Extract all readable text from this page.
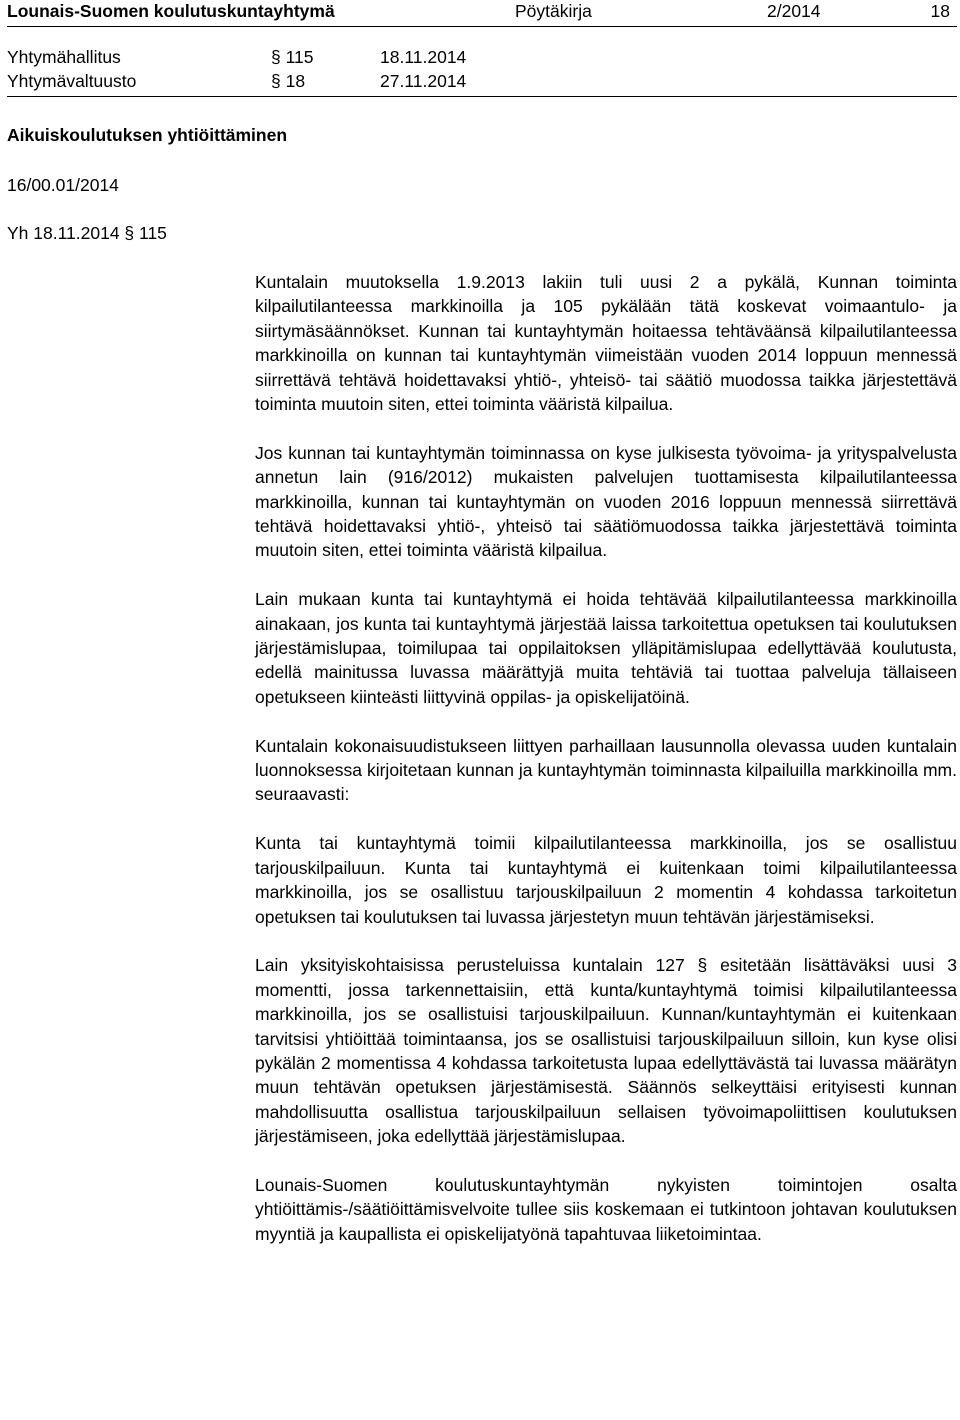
Lounais-Suomen koulutuskuntayhtymä	Pöytäkirja	2/2014	18
Yhtymähallitus	§ 115	18.11.2014
Yhtymävaltuusto	§ 18	27.11.2014
Aikuiskoulutuksen yhtiöittäminen
16/00.01/2014
Yh 18.11.2014 § 115

Kuntalain muutoksella 1.9.2013 lakiin tuli uusi 2 a pykälä, Kunnan toiminta kilpailutilanteessa markkinoilla ja 105 pykälään tätä koskevat voimaantulo- ja siirtymäsäännökset. Kunnan tai kuntayhtymän hoitaessa tehtäväänsä kilpailutilanteessa markkinoilla on kunnan tai kuntayhtymän viimeistään vuoden 2014 loppuun mennessä siirrettävä tehtävä hoidettavaksi yhtiö-, yhteisö- tai säätiö muodossa taikka järjestettävä toiminta muutoin siten, ettei toiminta vääristä kilpailua.

Jos kunnan tai kuntayhtymän toiminnassa on kyse julkisesta työvoima- ja yrityspalvelusta annetun lain (916/2012) mukaisten palvelujen tuottamisesta kilpailutilanteessa markkinoilla, kunnan tai kuntayhtymän on vuoden 2016 loppuun mennessä siirrettävä tehtävä hoidettavaksi yhtiö-, yhteisö tai säätiömuodossa taikka järjestettävä toiminta muutoin siten, ettei toiminta vääristä kilpailua.

Lain mukaan kunta tai kuntayhtymä ei hoida tehtävää kilpailutilanteessa markkinoilla ainakaan, jos kunta tai kuntayhtymä järjestää laissa tarkoitettua opetuksen tai koulutuksen järjestämislupaa, toimilupaa tai oppilaitoksen ylläpitämislupaa edellyttävää koulutusta, edellä mainitussa luvassa määrättyjä muita tehtäviä tai tuottaa palveluja tällaiseen opetukseen kiinteästi liittyvinä oppilas- ja opiskelijatöinä.

Kuntalain kokonaisuudistukseen liittyen parhaillaan lausunnolla olevassa uuden kuntalain luonnoksessa kirjoitetaan kunnan ja kuntayhtymän toiminnasta kilpailuilla markkinoilla mm. seuraavasti:

Kunta tai kuntayhtymä toimii kilpailutilanteessa markkinoilla, jos se osallistuu tarjouskilpailuun. Kunta tai kuntayhtymä ei kuitenkaan toimi kilpailutilanteessa markkinoilla, jos se osallistuu tarjouskilpailuun 2 momentin 4 kohdassa tarkoitetun opetuksen tai koulutuksen tai luvassa järjestetyn muun tehtävän järjestämiseksi.

Lain yksityiskohtaisissa perusteluissa kuntalain 127 § esitetään lisättäväksi uusi 3 momentti, jossa tarkennettaisiin, että kunta/kuntayhtymä toimisi kilpailutilanteessa markkinoilla, jos se osallistuisi tarjouskilpailuun. Kunnan/kuntayhtymän ei kuitenkaan tarvitsisi yhtiöittää toimintaansa, jos se osallistuisi tarjouskilpailuun silloin, kun kyse olisi pykälän 2 momentissa 4 kohdassa tarkoitetusta lupaa edellyttävästä tai luvassa määrätyn muun tehtävän opetuksen järjestämisestä. Säännös selkeyttäisi erityisesti kunnan mahdollisuutta osallistua tarjouskilpailuun sellaisen työvoimapoliittisen koulutuksen järjestämiseen, joka edellyttää järjestämislupaa.

Lounais-Suomen koulutuskuntayhtymän nykyisten toimintojen osalta yhtiöittämis-/säätiöittämisvelvoite tullee siis koskemaan ei tutkintoon johtavan koulutuksen myyntiä ja kaupallista ei opiskelijatyönä tapahtuvaa liiketoimintaa.
